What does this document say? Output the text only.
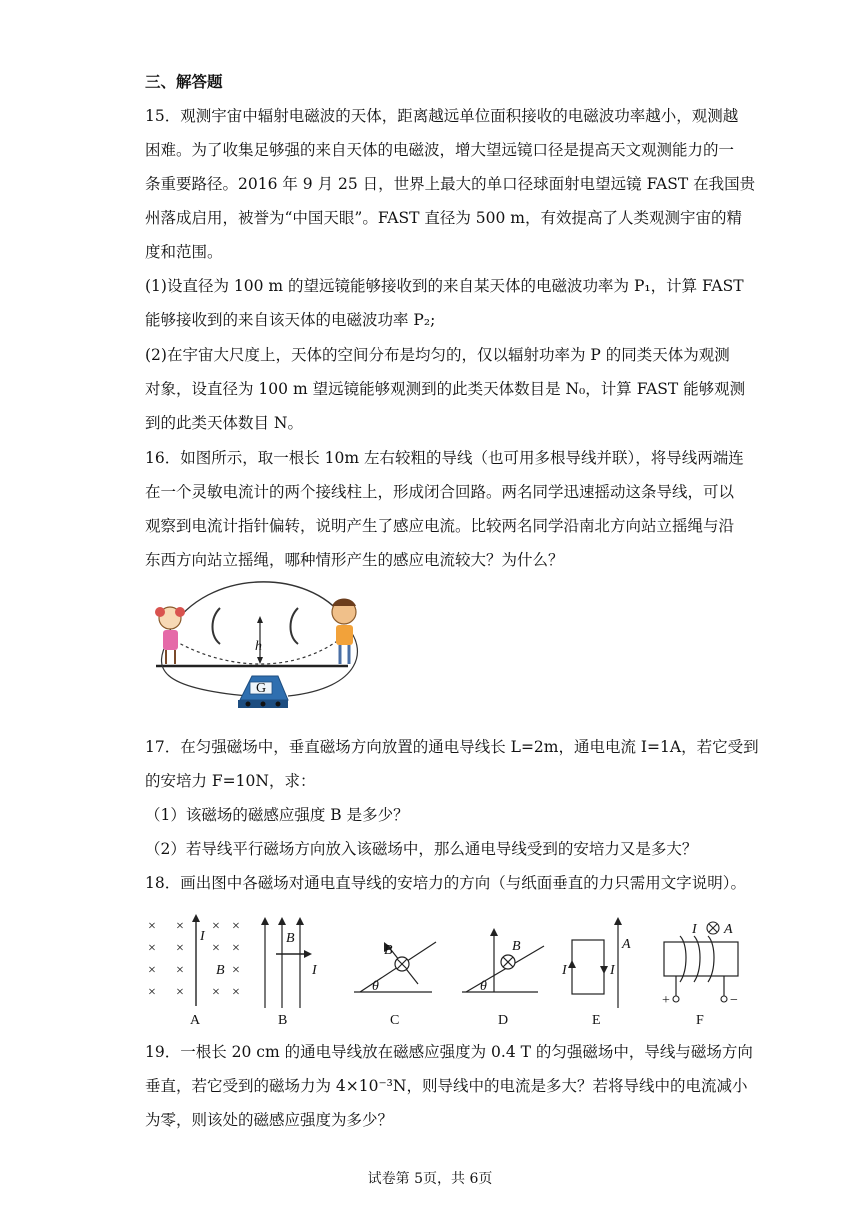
三、解答题
15．观测宇宙中辐射电磁波的天体，距离越远单位面积接收的电磁波功率越小，观测越
困难。为了收集足够强的来自天体的电磁波，增大望远镜口径是提高天文观测能力的一
条重要路径。2016 年 9 月 25 日，世界上最大的单口径球面射电望远镜 FAST 在我国贵
州落成启用，被誉为“中国天眼”。FAST 直径为 500 m，有效提高了人类观测宇宙的精
度和范围。
(1)设直径为 100 m 的望远镜能够接收到的来自某天体的电磁波功率为 P₁，计算 FAST
能够接收到的来自该天体的电磁波功率 P₂;
(2)在宇宙大尺度上，天体的空间分布是均匀的，仅以辐射功率为 P 的同类天体为观测
对象，设直径为 100 m 望远镜能够观测到的此类天体数目是 N₀，计算 FAST 能够观测
到的此类天体数目 N。
16．如图所示，取一根长 10m 左右较粗的导线（也可用多根导线并联），将导线两端连
在一个灵敏电流计的两个接线柱上，形成闭合回路。两名同学迅速摇动这条导线，可以
观察到电流计指针偏转，说明产生了感应电流。比较两名同学沿南北方向站立摇绳与沿
东西方向站立摇绳，哪种情形产生的感应电流较大？为什么？
h
G
17．在匀强磁场中，垂直磁场方向放置的通电导线长 L=2m，通电电流 I=1A，若它受到
的安培力 F=10N，求：
（1）该磁场的磁感应强度 B 是多少？
（2）若导线平行磁场方向放入该磁场中，那么通电导线受到的安培力又是多大？
18．画出图中各磁场对通电直导线的安培力的方向（与纸面垂直的力只需用文字说明）。
× × × ×
× × × ×
× ×	×
× × × ×
I
B
A
B
I
B
B
θ
C
B
θ
D
I	I
A
E
I A
+	−
F
19．一根长 20 cm 的通电导线放在磁感应强度为 0.4 T 的匀强磁场中，导线与磁场方向
垂直，若它受到的磁场力为 4×10⁻³N，则导线中的电流是多大？若将导线中的电流减小
为零，则该处的磁感应强度为多少？
试卷第 5页，共 6页
